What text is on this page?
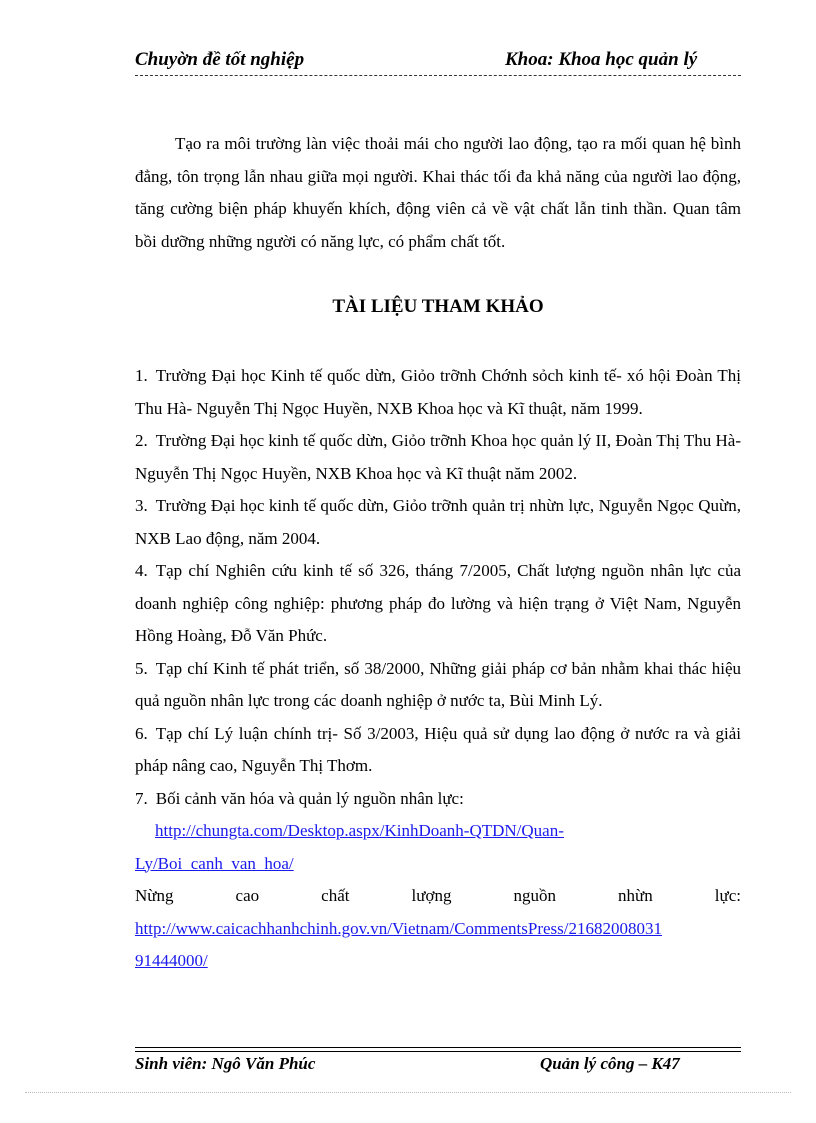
Chuyờn đề tốt nghiệp	Khoa: Khoa học quản lý

Tạo ra môi trường làn việc thoải mái cho người lao động, tạo ra mối quan hệ bình đẳng, tôn trọng lẫn nhau giữa mọi người. Khai thác tối đa khả năng của người lao động, tăng cường biện pháp khuyến khích, động viên cả về vật chất lẫn tinh thần. Quan tâm bồi dưỡng những người có năng lực, có phẩm chất tốt.

TÀI LIỆU THAM KHẢO

1. Trường Đại học Kinh tế quốc dừn, Giỏo trỡnh Chớnh sỏch kinh tế- xó hội Đoàn Thị Thu Hà- Nguyễn Thị Ngọc Huyền, NXB Khoa học và Kĩ thuật, năm 1999.

2. Trường Đại học kinh tế quốc dừn, Giỏo trỡnh Khoa học quản lý II, Đoàn Thị Thu Hà- Nguyễn Thị Ngọc Huyền, NXB Khoa học và Kĩ thuật năm 2002.

3. Trường Đại học kinh tế quốc dừn, Giỏo trỡnh quản trị nhừn lực, Nguyễn Ngọc Quừn, NXB Lao động, năm 2004.

4. Tạp chí Nghiên cứu kinh tế số 326, tháng 7/2005, Chất lượng nguồn nhân lực của doanh nghiệp công nghiệp: phương pháp đo lường và hiện trạng ở Việt Nam, Nguyễn Hồng Hoàng, Đỗ Văn Phức.

5. Tạp chí Kinh tế phát triển, số 38/2000, Những giải pháp cơ bản nhằm khai thác hiệu quả nguồn nhân lực trong các doanh nghiệp ở nước ta, Bùi Minh Lý.

6. Tạp chí Lý luận chính trị- Số 3/2003, Hiệu quả sử dụng lao động ở nước ra và giải pháp nâng cao, Nguyễn Thị Thơm.

7. Bối cảnh văn hóa và quản lý nguồn nhân lực:

http://chungta.com/Desktop.aspx/KinhDoanh-QTDN/Quan-

Ly/Boi_canh_van_hoa/

Nừng	cao	chất	lượng	nguồn	nhừn	lực:

http://www.caicachhanhchinh.gov.vn/Vietnam/CommentsPress/21682008031

91444000/

Sinh viên: Ngô Văn Phúc	Quản lý công – K47
